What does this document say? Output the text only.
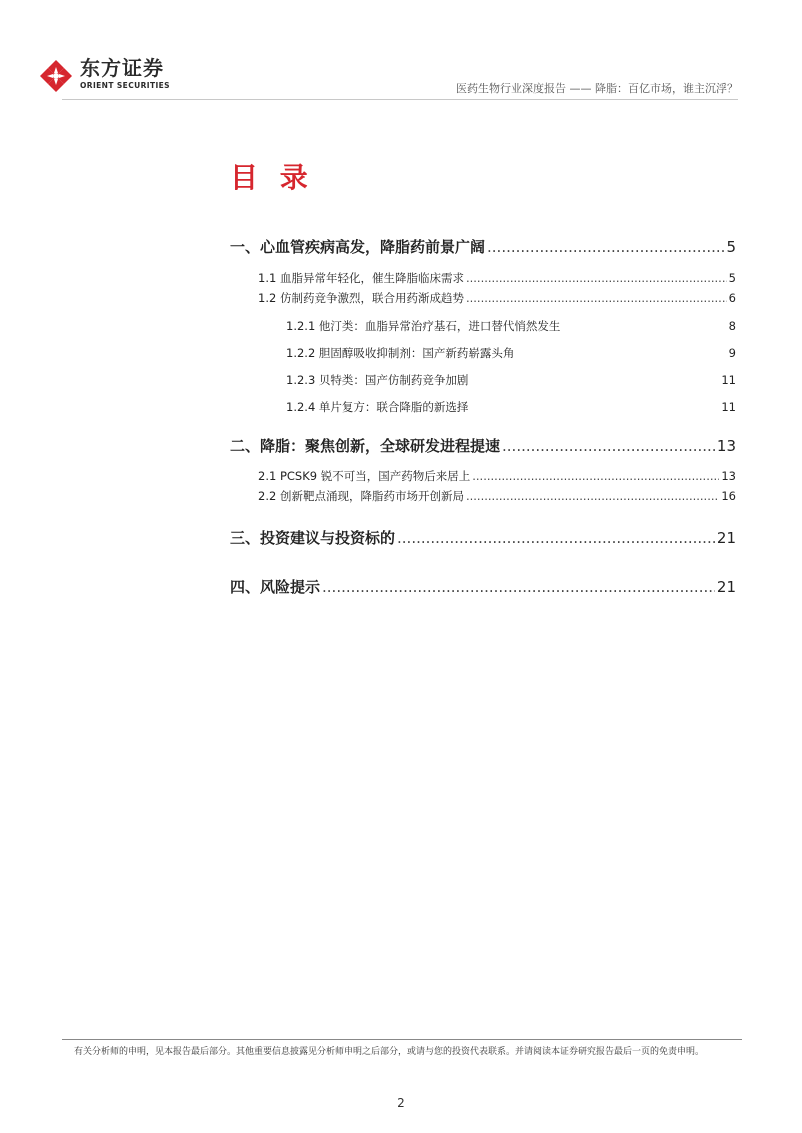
东方证券
ORIENT SECURITIES	医药生物行业深度报告 —— 降脂：百亿市场，谁主沉浮？
目 录
一、心血管疾病高发，降脂药前景广阔 .....	5
1.1 血脂异常年轻化，催生降脂临床需求 .....	5
1.2 仿制药竞争激烈，联合用药渐成趋势 .....	6
1.2.1 他汀类：血脂异常治疗基石，进口替代悄然发生	8
1.2.2 胆固醇吸收抑制剂：国产新药崭露头角	9
1.2.3 贝特类：国产仿制药竞争加剧	11
1.2.4 单片复方：联合降脂的新选择	11
二、降脂：聚焦创新，全球研发进程提速 .....	13
2.1 PCSK9 锐不可当，国产药物后来居上 .....	13
2.2 创新靶点涌现，降脂药市场开创新局 .....	16
三、投资建议与投资标的 .....	21
四、风险提示 .....	21
有关分析师的申明，见本报告最后部分。其他重要信息披露见分析师申明之后部分，或请与您的投资代表联系。并请阅读本证券研究报告最后一页的免责申明。
2
